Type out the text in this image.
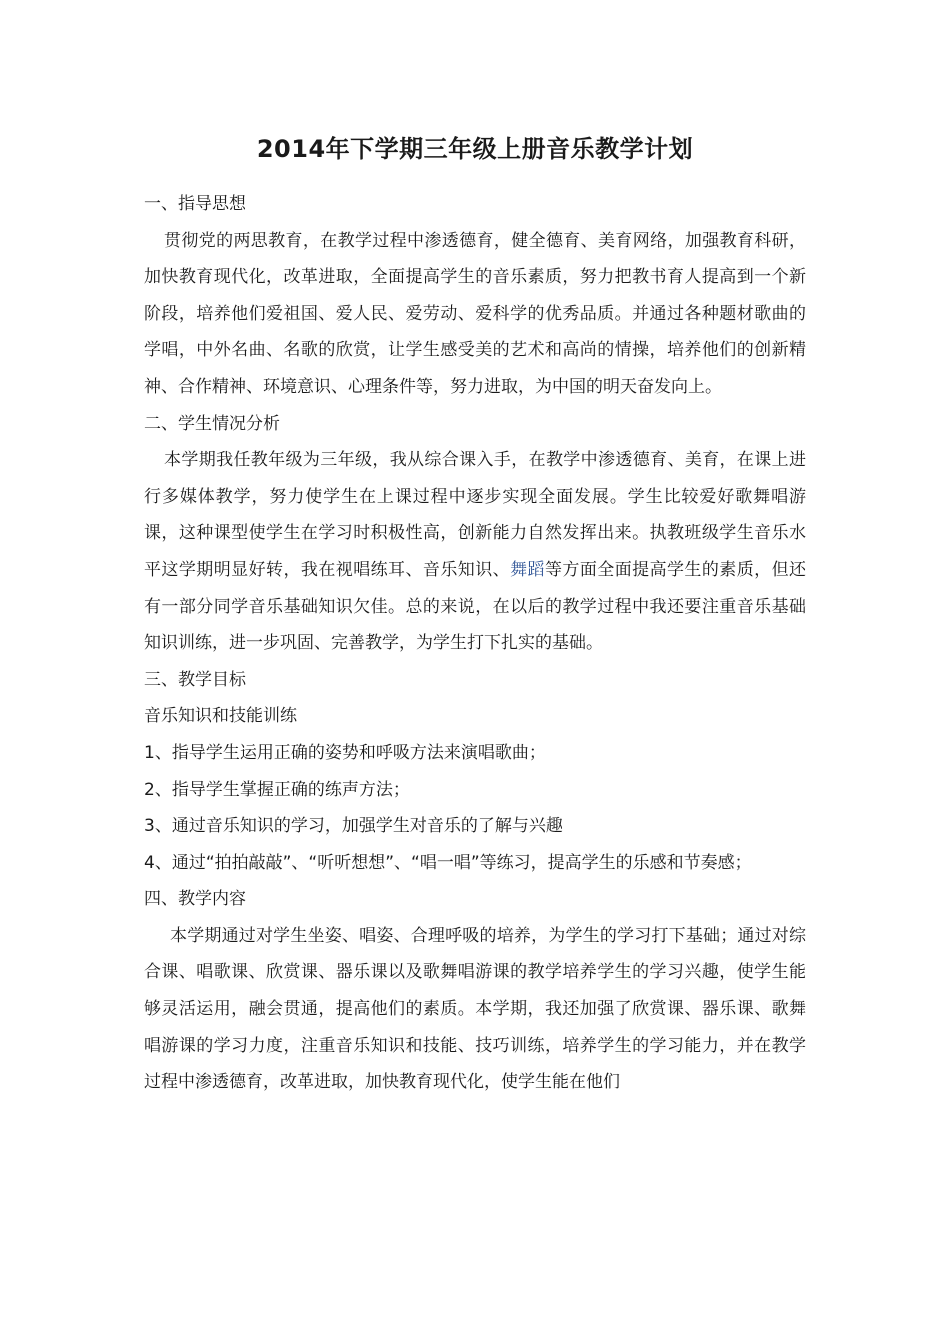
2014年下学期三年级上册音乐教学计划

一、指导思想

贯彻党的两思教育，在教学过程中渗透德育，健全德育、美育网络，加强教育科研，加快教育现代化，改革进取，全面提高学生的音乐素质，努力把教书育人提高到一个新阶段，培养他们爱祖国、爱人民、爱劳动、爱科学的优秀品质。并通过各种题材歌曲的学唱，中外名曲、名歌的欣赏，让学生感受美的艺术和高尚的情操，培养他们的创新精神、合作精神、环境意识、心理条件等，努力进取，为中国的明天奋发向上。

二、学生情况分析

本学期我任教年级为三年级，我从综合课入手，在教学中渗透德育、美育，在课上进行多媒体教学，努力使学生在上课过程中逐步实现全面发展。学生比较爱好歌舞唱游课，这种课型使学生在学习时积极性高，创新能力自然发挥出来。执教班级学生音乐水平这学期明显好转，我在视唱练耳、音乐知识、舞蹈等方面全面提高学生的素质，但还有一部分同学音乐基础知识欠佳。总的来说，在以后的教学过程中我还要注重音乐基础知识训练，进一步巩固、完善教学，为学生打下扎实的基础。

三、教学目标

音乐知识和技能训练

1、指导学生运用正确的姿势和呼吸方法来演唱歌曲；

2、指导学生掌握正确的练声方法；

3、通过音乐知识的学习，加强学生对音乐的了解与兴趣

4、通过“拍拍敲敲”、“听听想想”、“唱一唱”等练习，提高学生的乐感和节奏感；

四、教学内容

本学期通过对学生坐姿、唱姿、合理呼吸的培养，为学生的学习打下基础；通过对综合课、唱歌课、欣赏课、器乐课以及歌舞唱游课的教学培养学生的学习兴趣，使学生能够灵活运用，融会贯通，提高他们的素质。本学期，我还加强了欣赏课、器乐课、歌舞唱游课的学习力度，注重音乐知识和技能、技巧训练，培养学生的学习能力，并在教学过程中渗透德育，改革进取，加快教育现代化，使学生能在他们
